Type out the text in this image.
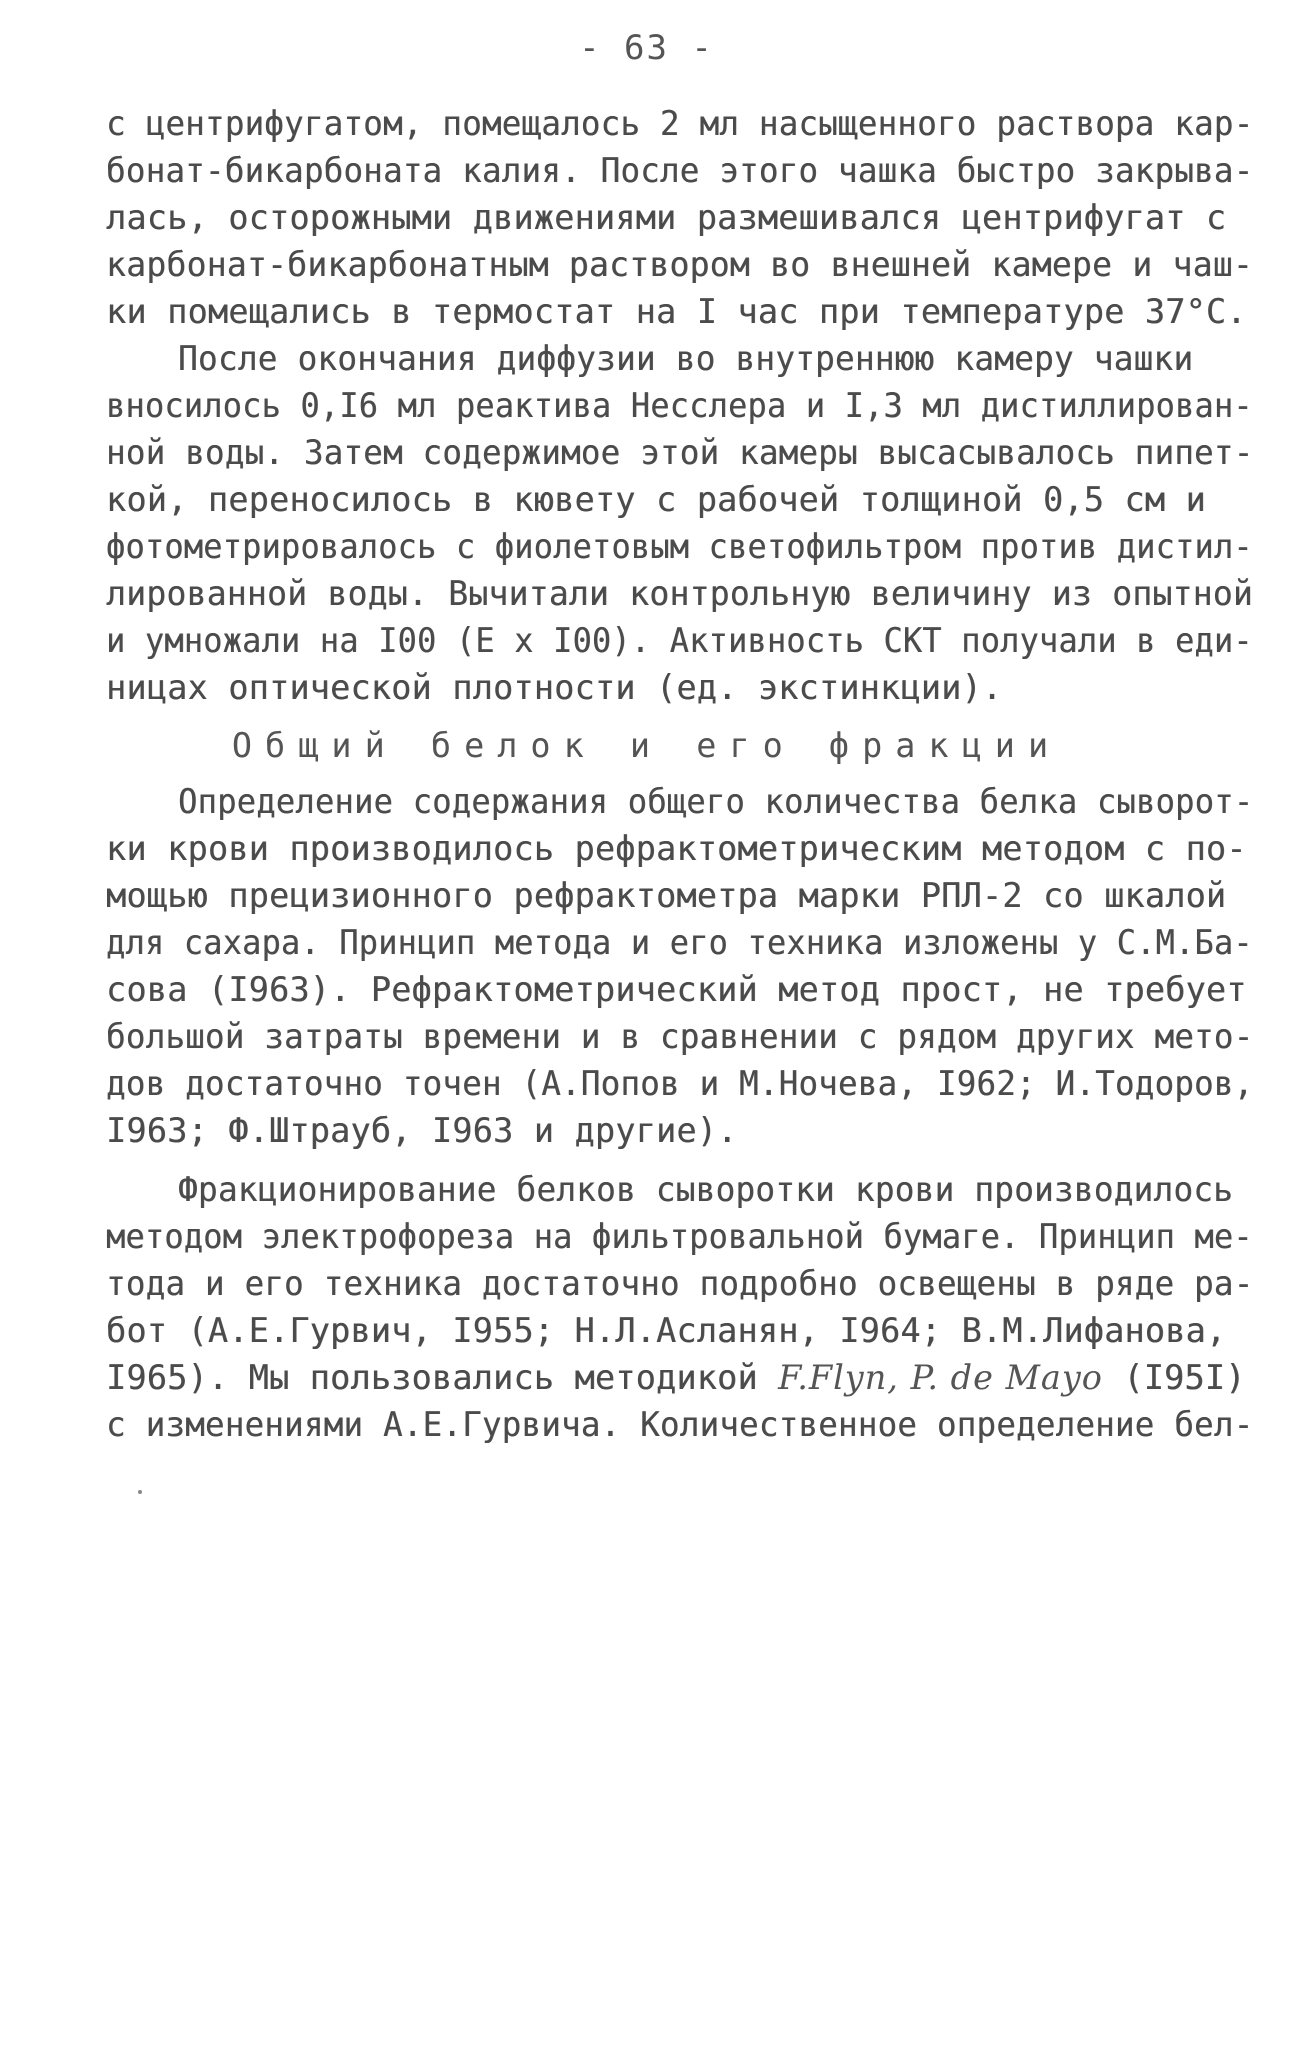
- 63 -
с центрифугатом, помещалось 2 мл насыщенного раствора кар-
бонат-бикарбоната калия. После этого чашка быстро закрыва-
лась, осторожными движениями размешивался центрифугат с
карбонат-бикарбонатным раствором во внешней камере и чаш-
ки помещались в термостат на I час при температуре 37°С.
После окончания диффузии во внутреннюю камеру чашки
вносилось 0,I6 мл реактива Несслера и I,3 мл дистиллирован-
ной воды. Затем содержимое этой камеры высасывалось пипет-
кой, переносилось в кювету с рабочей толщиной 0,5 см и
фотометрировалось с фиолетовым светофильтром против дистил-
лированной воды. Вычитали контрольную величину из опытной
и умножали на I00 (Е х I00). Активность СКТ получали в еди-
ницах оптической плотности (ед. экстинкции).
Общий белок и его фракции
Определение содержания общего количества белка сыворот-
ки крови производилось рефрактометрическим методом с по-
мощью прецизионного рефрактометра марки РПЛ-2 со шкалой
для сахара. Принцип метода и его техника изложены у С.М.Ба-
сова (I963). Рефрактометрический метод прост, не требует
большой затраты времени и в сравнении с рядом других мето-
дов достаточно точен (А.Попов и М.Ночева, I962; И.Тодоров,
I963; Ф.Штрауб, I963 и другие).
Фракционирование белков сыворотки крови производилось
методом электрофореза на фильтровальной бумаге. Принцип ме-
тода и его техника достаточно подробно освещены в ряде ра-
бот (А.Е.Гурвич, I955; Н.Л.Асланян, I964; В.М.Лифанова,
I965). Мы пользовались методикой F.Flyn, P. de Mayo (I95I)
с изменениями А.Е.Гурвича. Количественное определение бел-
